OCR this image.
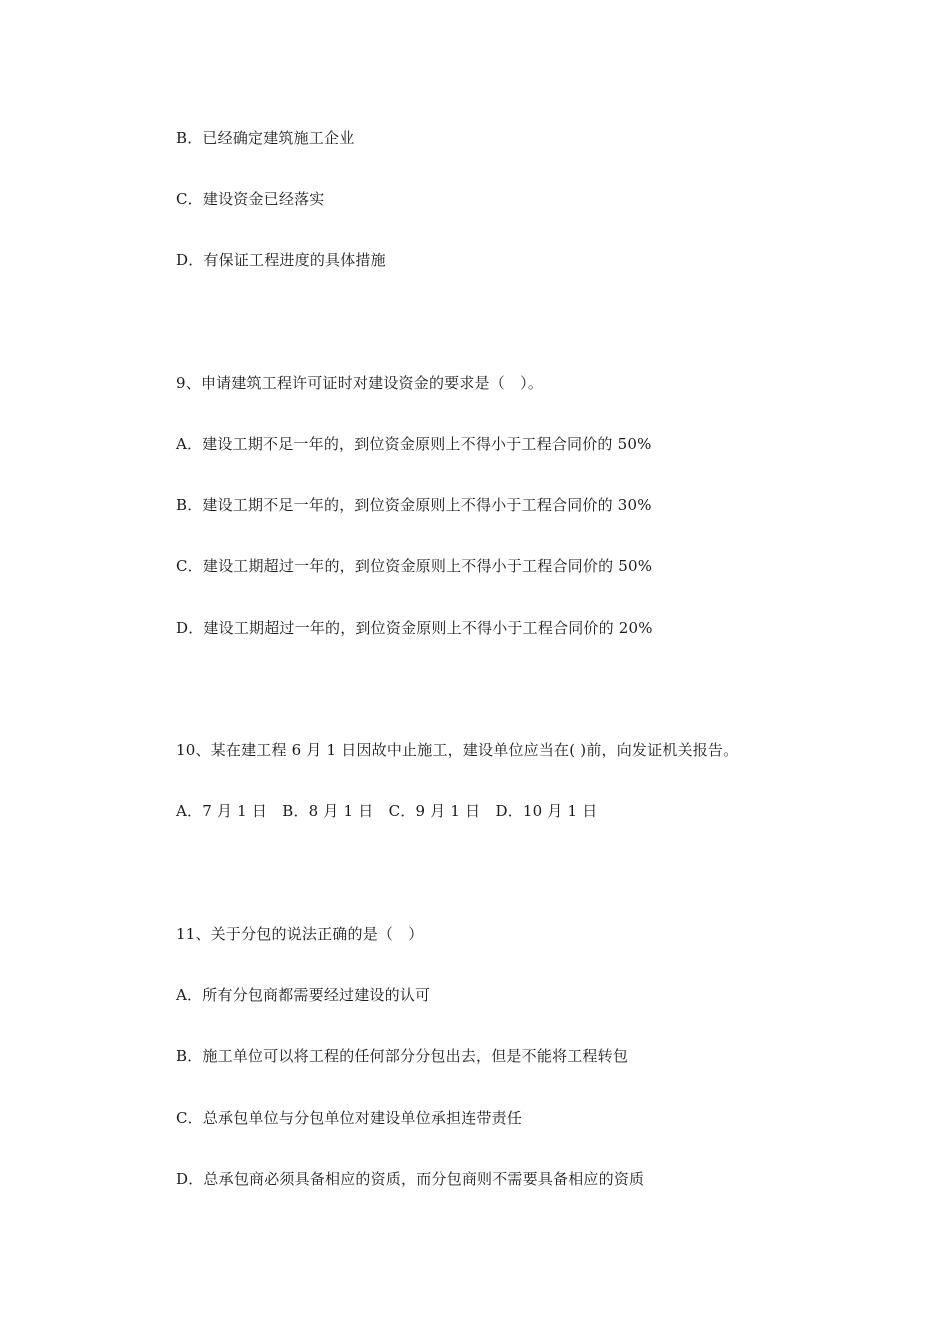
B．已经确定建筑施工企业
C．建设资金已经落实
D．有保证工程进度的具体措施
9、申请建筑工程许可证时对建设资金的要求是（　）。
A．建设工期不足一年的，到位资金原则上不得小于工程合同价的 50%
B．建设工期不足一年的，到位资金原则上不得小于工程合同价的 30%
C．建设工期超过一年的，到位资金原则上不得小于工程合同价的 50%
D．建设工期超过一年的，到位资金原则上不得小于工程合同价的 20%
10、某在建工程 6 月 1 日因故中止施工，建设单位应当在( )前，向发证机关报告。
A．7 月 1 日　B．8 月 1 日　C．9 月 1 日　D．10 月 1 日
11、关于分包的说法正确的是（　）
A．所有分包商都需要经过建设的认可
B．施工单位可以将工程的任何部分分包出去，但是不能将工程转包
C．总承包单位与分包单位对建设单位承担连带责任
D．总承包商必须具备相应的资质，而分包商则不需要具备相应的资质
